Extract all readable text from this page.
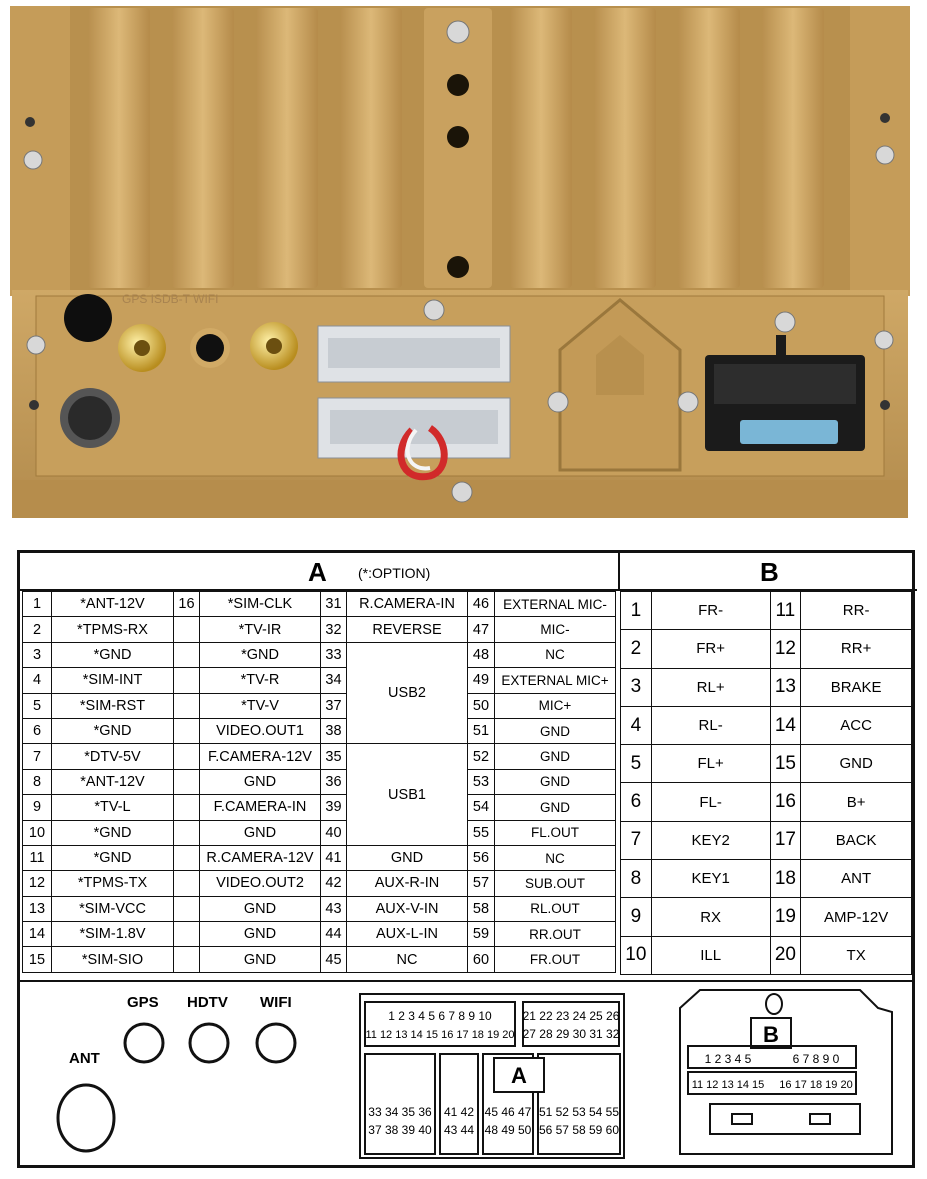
GPS ISDB-T WIFI
A (*:OPTION)	B
1	*ANT-12V	16	*SIM-CLK	31	R.CAMERA-IN	46	EXTERNAL MIC-
2	*TPMS-RX		*TV-IR	32	REVERSE	47	MIC-
3	*GND		*GND	33	USB2	48	NC
4	*SIM-INT		*TV-R	34		49	EXTERNAL MIC+
5	*SIM-RST		*TV-V	37		50	MIC+
6	*GND		VIDEO.OUT1	38		51	GND
7	*DTV-5V		F.CAMERA-12V	35	USB1	52	GND
8	*ANT-12V		GND	36		53	GND
9	*TV-L		F.CAMERA-IN	39		54	GND
10	*GND		GND	40		55	FL.OUT
11	*GND		R.CAMERA-12V	41	GND	56	NC
12	*TPMS-TX		VIDEO.OUT2	42	AUX-R-IN	57	SUB.OUT
13	*SIM-VCC		GND	43	AUX-V-IN	58	RL.OUT
14	*SIM-1.8V		GND	44	AUX-L-IN	59	RR.OUT
15	*SIM-SIO		GND	45	NC	60	FR.OUT
1	FR-	11	RR-
2	FR+	12	RR+
3	RL+	13	BRAKE
4	RL-	14	ACC
5	FL+	15	GND
6	FL-	16	B+
7	KEY2	17	BACK
8	KEY1	18	ANT
9	RX	19	AMP-12V
10	ILL	20	TX
GPS HDTV WIFI
ANT
A
B
1 2 3 4 5 6 7 8 9 10
11 12 13 14 15 16 17 18 19 20
21 22 23 24 25 26
27 28 29 30 31 32
33 34 35 36
37 38 39 40
41 42
43 44
45 46 47
48 49 50
51 52 53 54 55
56 57 58 59 60
1 2 3 4 5	6 7 8 9 0
11 12 13 14 15 16 17 18 19 20
